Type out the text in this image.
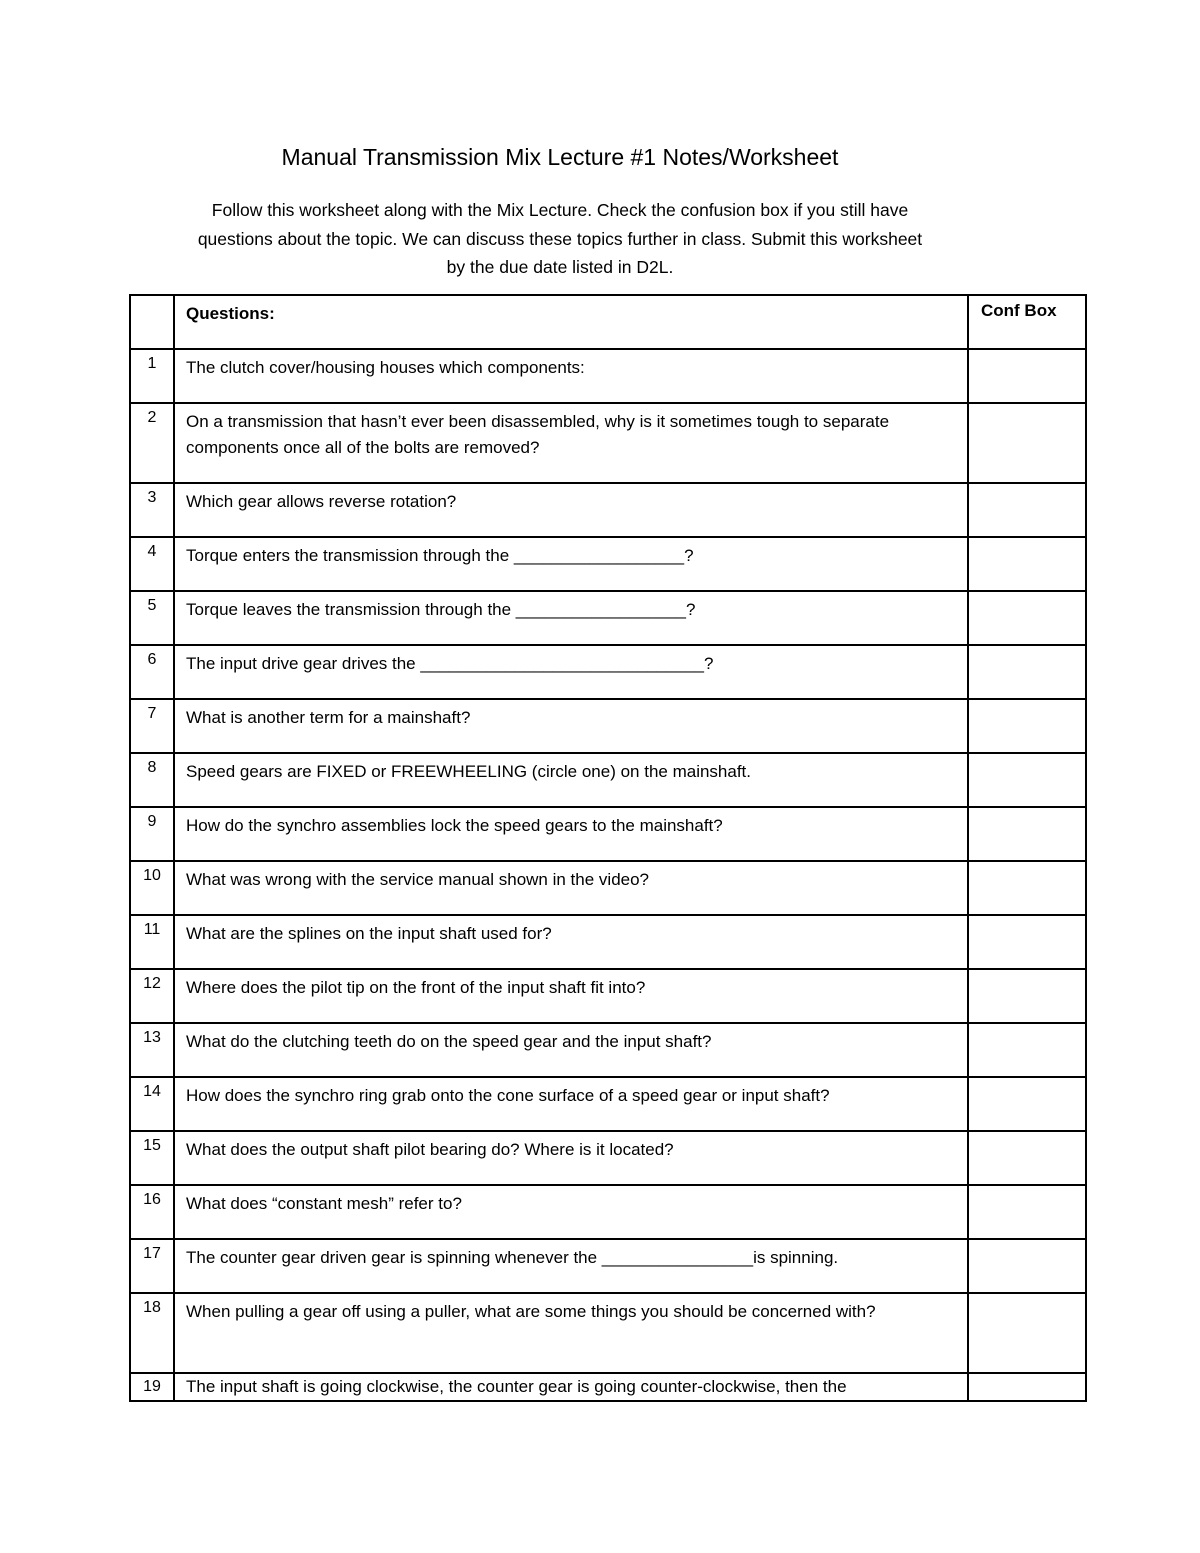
Manual Transmission Mix Lecture #1 Notes/Worksheet
Follow this worksheet along with the Mix Lecture. Check the confusion box if you still have
questions about the topic. We can discuss these topics further in class. Submit this worksheet
by the due date listed in D2L.
	Questions:	Conf Box
1	The clutch cover/housing houses which components:	
2	On a transmission that hasn’t ever been disassembled, why is it sometimes tough to separate components once all of the bolts are removed?	
3	Which gear allows reverse rotation?	
4	Torque enters the transmission through the __________________?	
5	Torque leaves the transmission through the __________________?	
6	The input drive gear drives the ______________________________?	
7	What is another term for a mainshaft?	
8	Speed gears are FIXED or FREEWHEELING (circle one) on the mainshaft.	
9	How do the synchro assemblies lock the speed gears to the mainshaft?	
10	What was wrong with the service manual shown in the video?	
11	What are the splines on the input shaft used for?	
12	Where does the pilot tip on the front of the input shaft fit into?	
13	What do the clutching teeth do on the speed gear and the input shaft?	
14	How does the synchro ring grab onto the cone surface of a speed gear or input shaft?	
15	What does the output shaft pilot bearing do? Where is it located?	
16	What does “constant mesh” refer to?	
17	The counter gear driven gear is spinning whenever the ________________is spinning.	
18	When pulling a gear off using a puller, what are some things you should be concerned with?	
19	The input shaft is going clockwise, the counter gear is going counter-clockwise, then the	
